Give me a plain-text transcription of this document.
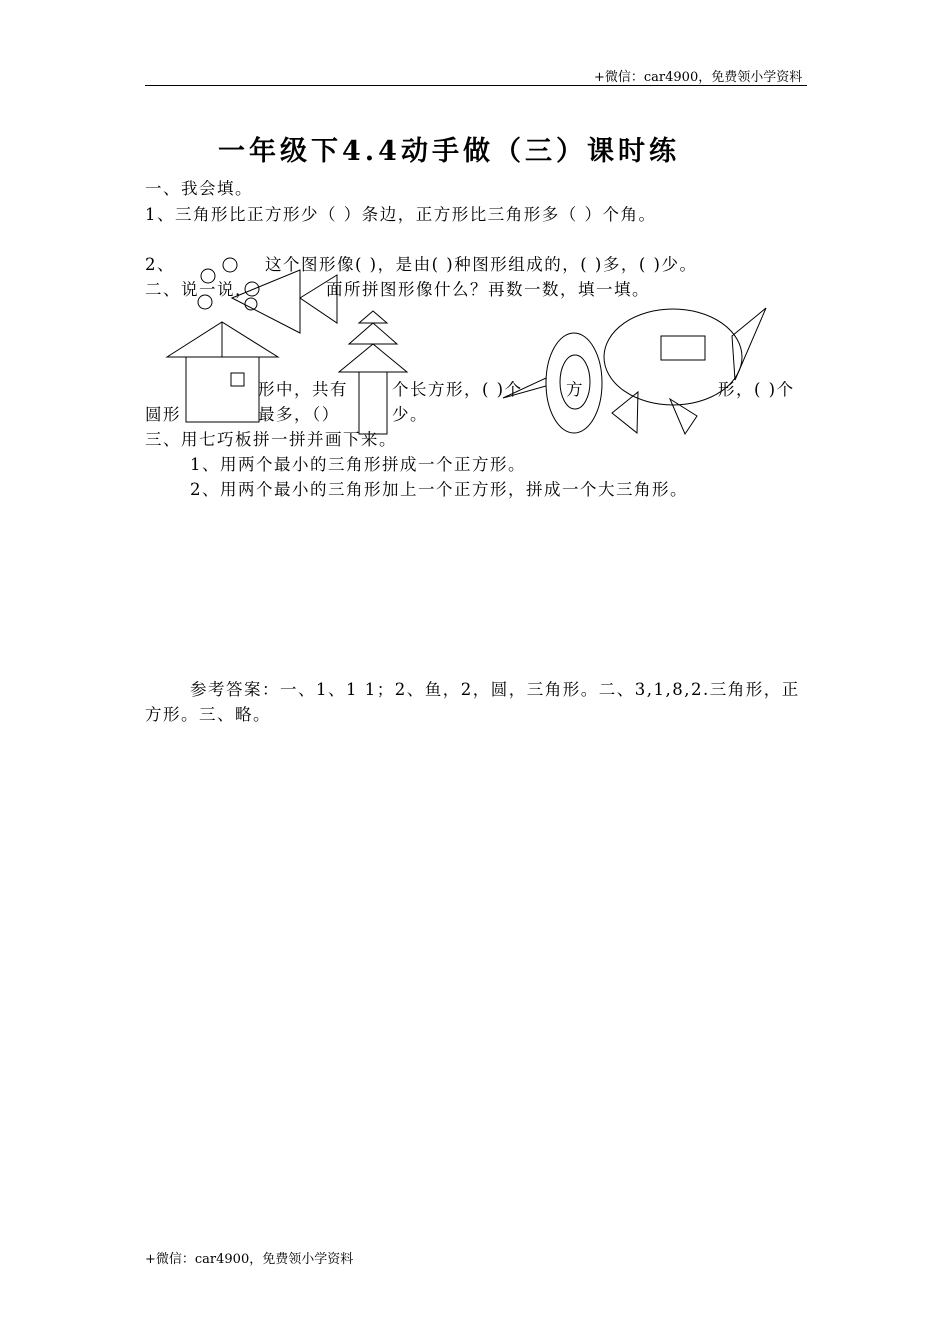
+微信：car4900，免费领小学资料
一年级下4.4动手做（三）课时练
一、我会填。
1、三角形比正方形少（ ）条边，正方形比三角形多（ ）个角。
2、	这个图形像( )，是由( )种图形组成的，( )多，( )少。
二、说一说，	面所拼图形像什么？再数一数，填一填。
形中，共有	个长方形，( )个	方	形，( )个
圆形	最多，（）	少。
三、用七巧板拼一拼并画下来。
1、用两个最小的三角形拼成一个正方形。
2、用两个最小的三角形加上一个正方形，拼成一个大三角形。
参考答案：一、1、1 1；2、鱼，2，圆，三角形。二、3,1,8,2.三角形，正
方形。三、略。
+微信：car4900，免费领小学资料
